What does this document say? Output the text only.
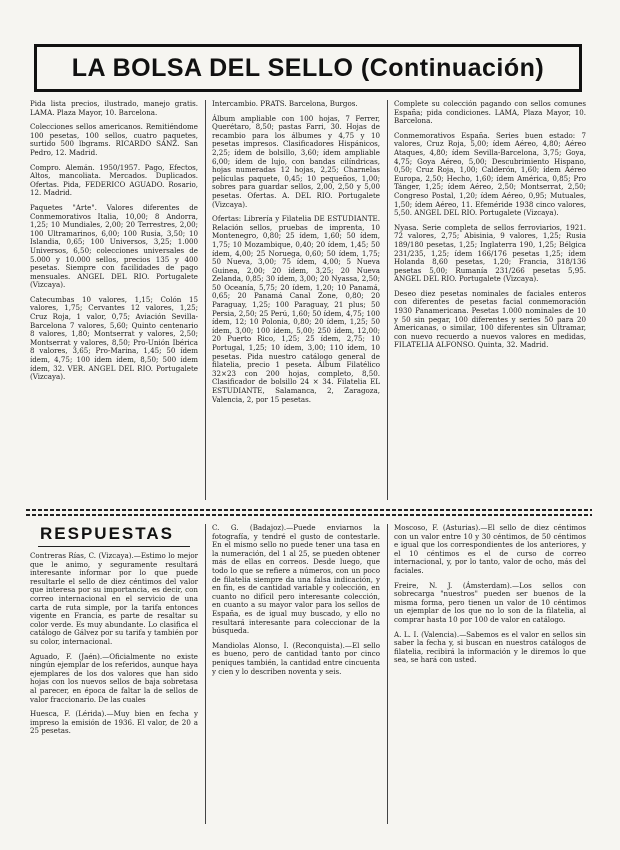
LA BOLSA DEL SELLO (Continuación)

Pida lista precios, ilustrado, manejo gratis. LAMA. Plaza Mayor, 10. Barcelona.

Colecciones sellos americanos. Remitiéndome 100 pesetas, 100 sellos, cuatro paquetes, surtido 500 lbgrams. RICARDO SANZ. San Pedro, 12. Madrid.

Compro. Alemán. 1950/1957. Pago, Efectos, Altos, mancoliata. Mercados. Duplicados. Ofertas. Pida, FEDERICO AGUADO. Rosario, 12. Madrid.

Paquetes "Arte". Valores diferentes de Conmemorativos Italia, 10,00; 8 Andorra, 1,25; 10 Mundiales, 2,00; 20 Terrestres, 2,00; 100 Ultramarinos, 6,00; 100 Rusia, 3,50; 10 Islandia, 0,65; 100 Universos, 3,25; 1.000 Universos, 6,50; colecciones universales de 5.000 y 10.000 sellos, precios 135 y 400 pesetas. Siempre con facilidades de pago mensuales. ANGEL DEL RIO. Portugalete (Vizcaya).

Catecumbas 10 valores, 1,15; Colón 15 valores, 1,75; Cervantes 12 valores, 1,25; Cruz Roja, 1 valor, 0,75; Aviación Sevilla-Barcelona 7 valores, 5,60; Quinto centenario 8 valores, 1,80; Montserrat y valores, 2,50; Montserrat y valores, 8,50; Pro-Unión Ibérica 8 valores, 3,65; Pro-Marina, 1,45; 50 ídem ídem, 4,75; 100 ídem ídem, 8,50; 500 ídem ídem, 32. VER. ANGEL DEL RIO. Portugalete (Vizcaya).

Intercambio. PRATS. Barcelona, Burgos.

Álbum ampliable con 100 hojas, 7 Ferrer, Querétaro, 8,50; pastas Farri, 30. Hojas de recambio para los álbumes y 4,75 y 10 pesetas impresos. Clasificadores Hispánicos, 2,25; ídem de bolsillo, 3,60; ídem ampliable 6,00; ídem de lujo, con bandas cilíndricas, hojas numeradas 12 hojas, 2,25; Charnelas películas paquete, 0,45; 10 pequeños, 1,00; sobres para guardar sellos, 2,00, 2,50 y 5,00 pesetas. Ofertas. A. DEL RIO. Portugalete (Vizcaya).

Ofertas: Librería y Filatelia DE ESTUDIANTE. Relación sellos, pruebas de imprenta, 10 Montenegro, 0,80; 25 ídem, 1,60; 50 ídem, 1,75; 10 Mozambique, 0,40; 20 ídem, 1,45; 50 ídem, 4,00; 25 Noruega, 0,60; 50 ídem, 1,75; 50 Nueva, 3,00; 75 ídem, 4,00; 5 Nueva Guinea, 2,00; 20 ídem, 3,25; 20 Nueva Zelanda, 0,85; 30 ídem, 3,00; 20 Nyassa, 2,50; 50 Oceanía, 5,75; 20 ídem, 1,20; 10 Panamá, 0,65; 20 Panamá Canal Zone, 0,80; 20 Paraguay, 1,25; 100 Paraguay, 21 plus; 50 Persia, 2,50; 25 Perú, 1,60; 50 ídem, 4,75; 100 ídem, 12; 10 Polonia, 0,80; 20 ídem, 1,25; 50 ídem, 3,00; 100 ídem, 5,00; 250 ídem, 12,00; 20 Puerto Rico, 1,25; 25 ídem, 2,75; 10 Portugal, 1,25; 10 ídem, 3,00; 110 ídem, 10 pesetas. Pida nuestro catálogo general de filatelia, precio 1 peseta. Álbum Filatélico 32×23 con 200 hojas, completo, 8,50. Clasificador de bolsillo 24 × 34. Filatelia EL ESTUDIANTE, Salamanca, 2, Zaragoza, Valencia, 2, por 15 pesetas.

Complete su colección pagando con sellos comunes España; pida condiciones. LAMA, Plaza Mayor, 10. Barcelona.

Conmemorativos España. Series buen estado: 7 valores, Cruz Roja, 5,00; ídem Aéreo, 4,80; Aéreo Ataques, 4,80; ídem Sevilla-Barcelona, 3,75; Goya, 4,75; Goya Aéreo, 5,00; Descubrimiento Hispano, 0,50; Cruz Roja, 1,00; Calderón, 1,60; ídem Aéreo Europa, 2,50; Hecho, 1,60; ídem América, 0,85; Pro Tánger, 1,25; ídem Aéreo, 2,50; Montserrat, 2,50; Congreso Postal, 1,20; ídem Aéreo, 0,95; Mutuales, 1,50; ídem Aéreo, 11. Efeméride 1938 cinco valores, 5,50. ANGEL DEL RIO. Portugalete (Vizcaya).

Nyasa. Serie completa de sellos ferroviarios, 1921. 72 valores, 2,75; Abisinia, 9 valores, 1,25; Rusia 189/180 pesetas, 1,25; Inglaterra 190, 1,25; Bélgica 231/235, 1,25; ídem 166/176 pesetas 1,25; ídem Holanda 8,60 pesetas, 1,20; Francia, 318/136 pesetas 5,00; Rumanía 231/266 pesetas 5,95. ANGEL DEL RIO. Portugalete (Vizcaya).

Deseo diez pesetas nominales de faciales enteros con diferentes de pesetas facial conmemoración 1930 Panamericana. Pesetas 1.000 nominales de 10 y 50 sin pegar, 100 diferentes y series 50 para 20 Americanas, o similar, 100 diferentes sin Ultramar, con nuevo recuerdo a nuevos valores en medidas, FILATELIA ALFONSO. Quinta, 32. Madrid.

RESPUESTAS

Contreras Rías, C. (Vizcaya).—Estimo lo mejor que le animo, y seguramente resultará interesante informar por lo que puede resultarle el sello de diez céntimos del valor que interesa por su importancia, es decir, con correo internacional en el servicio de una carta de ruta simple, por la tarifa entonces vigente en Francia, es parte de resaltar su color verde. Es muy abundante. Lo clasifica el catálogo de Gálvez por su tarifa y también por su color, internacional.

Aguado, F. (Jaén).—Oficialmente no existe ningún ejemplar de los referidos, aunque haya ejemplares de los dos valores que han sido hojas con los nuevos sellos de baja sobretasa al parecer, en época de faltar la de sellos de valor fraccionario. De las cuales

Huesca, F. (Lérida).—Muy bien en fecha y impreso la emisión de 1936. El valor, de 20 a 25 pesetas.

C. G. (Badajoz).—Puede enviarnos la fotografía, y tendré el gusto de contestarle. En el mismo sello no puede tener una tasa en la numeración, del 1 al 25, se pueden obtener más de ellas en correos. Desde luego, que todo lo que se refiere a números, con un poco de filatelia siempre da una falsa indicación, y en fin, es de cantidad variable y colección, en cuanto no difícil pero interesante colección, en cuanto a su mayor valor para los sellos de España, es de igual muy buscado, y ello no resultará interesante para coleccionar de la búsqueda.

Mandiolas Alonso, I. (Reconquista).—El sello es bueno, pero de cantidad tanto por cinco peniques también, la cantidad entre cincuenta y cien y lo describen noventa y seis.

Moscoso, F. (Asturias).—El sello de diez céntimos con un valor entre 10 y 30 céntimos, de 50 céntimos e igual que los correspondientes de los anteriores, y el 10 céntimos es el de curso de correo internacional, y, por lo tanto, valor de ocho, más del faciales.

Freire, N. J. (Ámsterdam).—Los sellos con sobrecarga "nuestros" pueden ser buenos de la misma forma, pero tienen un valor de 10 céntimos un ejemplar de los que no lo son de la filatelia, al comprar hasta 10 por 100 de valor en catálogo.

A. L. I. (Valencia).—Sabemos es el valor en sellos sin saber la fecha y, si buscan en nuestros catálogos de filatelia, recibirá la información y le diremos lo que sea, se hará con usted.
